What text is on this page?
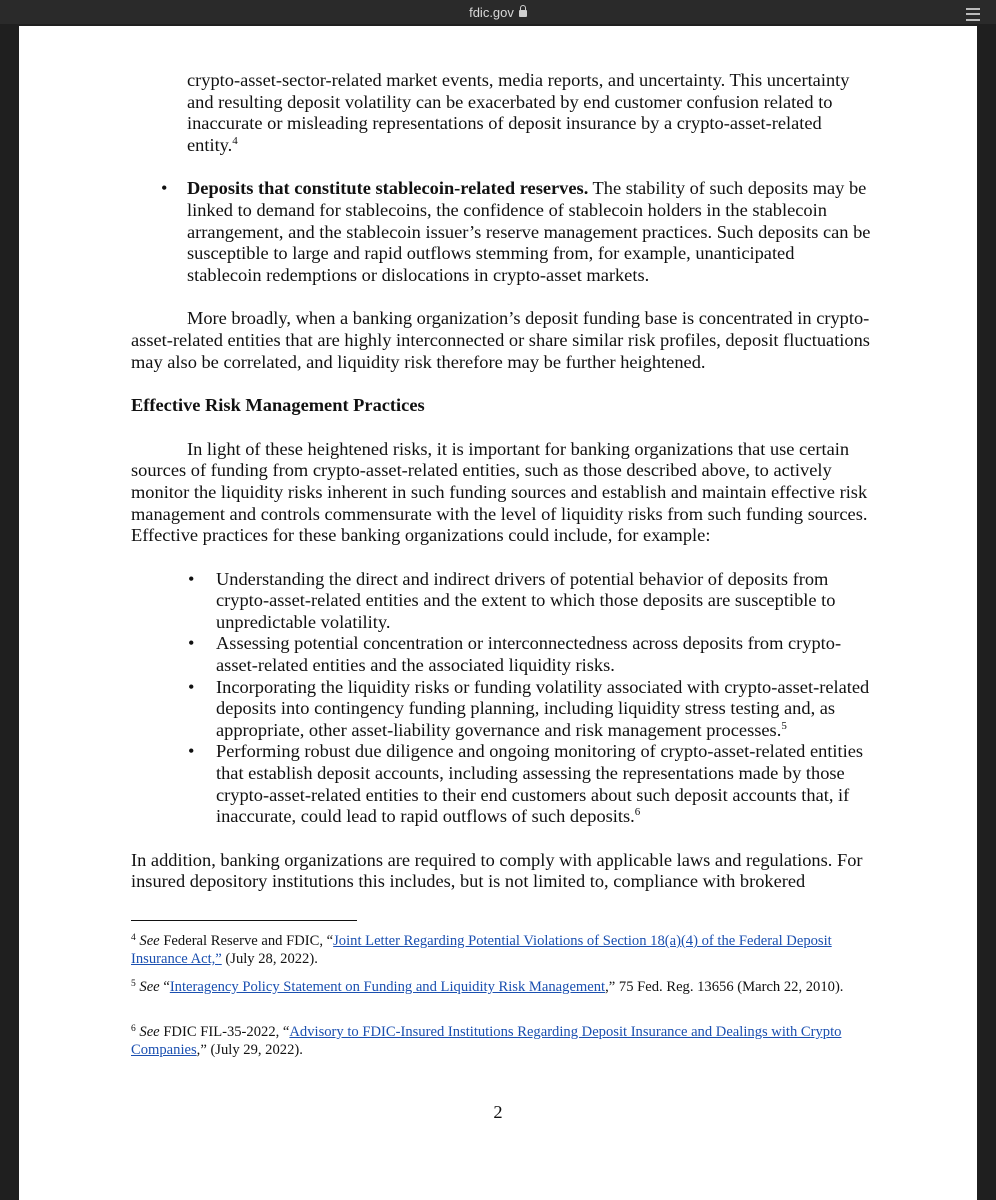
fdic.gov

crypto-asset-sector-related market events, media reports, and uncertainty. This uncertainty and resulting deposit volatility can be exacerbated by end customer confusion related to inaccurate or misleading representations of deposit insurance by a crypto-asset-related entity.$^4$

• Deposits that constitute stablecoin-related reserves. The stability of such deposits may be linked to demand for stablecoins, the confidence of stablecoin holders in the stablecoin arrangement, and the stablecoin issuer’s reserve management practices. Such deposits can be susceptible to large and rapid outflows stemming from, for example, unanticipated stablecoin redemptions or dislocations in crypto-asset markets.

More broadly, when a banking organization’s deposit funding base is concentrated in crypto-asset-related entities that are highly interconnected or share similar risk profiles, deposit fluctuations may also be correlated, and liquidity risk therefore may be further heightened.

Effective Risk Management Practices

In light of these heightened risks, it is important for banking organizations that use certain sources of funding from crypto-asset-related entities, such as those described above, to actively monitor the liquidity risks inherent in such funding sources and establish and maintain effective risk management and controls commensurate with the level of liquidity risks from such funding sources. Effective practices for these banking organizations could include, for example:

• Understanding the direct and indirect drivers of potential behavior of deposits from crypto-asset-related entities and the extent to which those deposits are susceptible to unpredictable volatility.
• Assessing potential concentration or interconnectedness across deposits from crypto-asset-related entities and the associated liquidity risks.
• Incorporating the liquidity risks or funding volatility associated with crypto-asset-related deposits into contingency funding planning, including liquidity stress testing and, as appropriate, other asset-liability governance and risk management processes.$^5$
• Performing robust due diligence and ongoing monitoring of crypto-asset-related entities that establish deposit accounts, including assessing the representations made by those crypto-asset-related entities to their end customers about such deposit accounts that, if inaccurate, could lead to rapid outflows of such deposits.$^6$

In addition, banking organizations are required to comply with applicable laws and regulations. For insured depository institutions this includes, but is not limited to, compliance with brokered

$^4$ See Federal Reserve and FDIC, “Joint Letter Regarding Potential Violations of Section 18(a)(4) of the Federal Deposit Insurance Act,” (July 28, 2022).
$^5$ See “Interagency Policy Statement on Funding and Liquidity Risk Management,” 75 Fed. Reg. 13656 (March 22, 2010).
$^6$ See FDIC FIL-35-2022, “Advisory to FDIC-Insured Institutions Regarding Deposit Insurance and Dealings with Crypto Companies,” (July 29, 2022).
2
